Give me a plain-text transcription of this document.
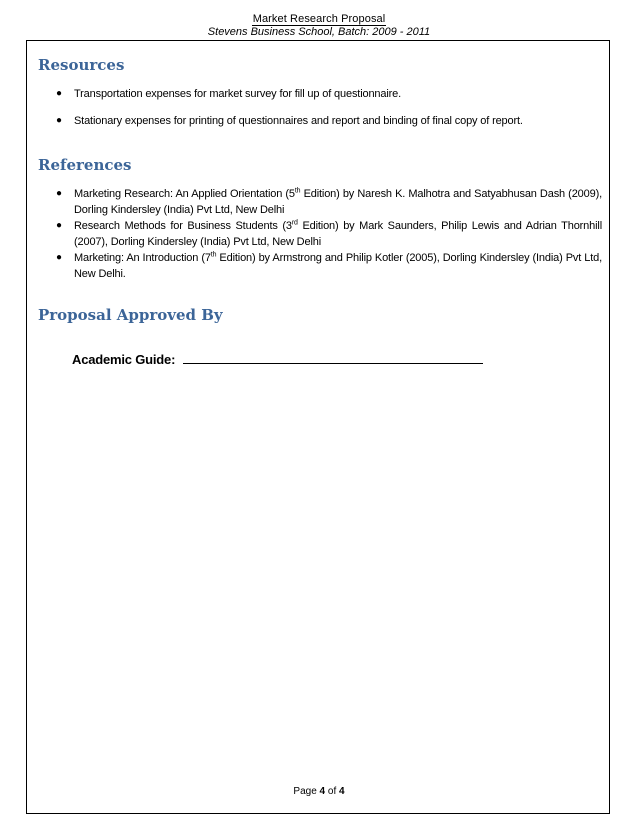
Market Research Proposal
Stevens Business School, Batch: 2009 - 2011
Resources
● Transportation expenses for market survey for fill up of questionnaire.
● Stationary expenses for printing of questionnaires and report and binding of final copy of report.
References
● Marketing Research: An Applied Orientation (5th Edition) by Naresh K. Malhotra and Satyabhusan Dash (2009), Dorling Kindersley (India) Pvt Ltd, New Delhi
● Research Methods for Business Students (3rd Edition) by Mark Saunders, Philip Lewis and Adrian Thornhill (2007), Dorling Kindersley (India) Pvt Ltd, New Delhi
● Marketing: An Introduction (7th Edition) by Armstrong and Philip Kotler (2005), Dorling Kindersley (India) Pvt Ltd, New Delhi.
Proposal Approved By
Academic Guide:
Page 4 of 4
